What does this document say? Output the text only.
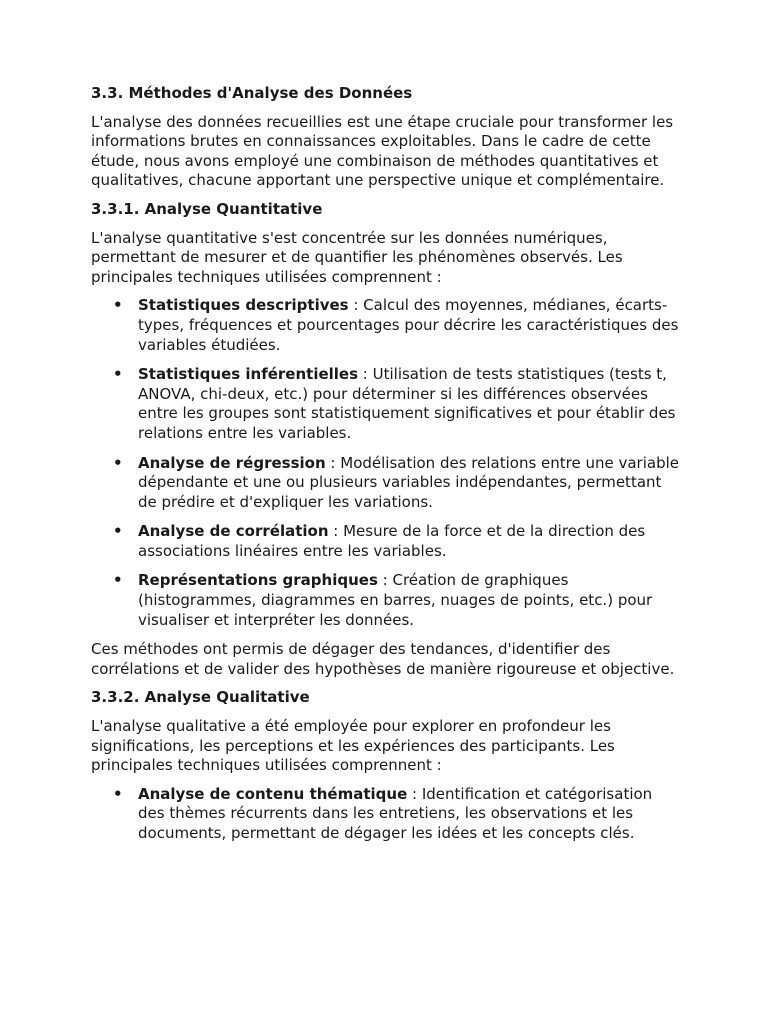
3.3. Méthodes d'Analyse des Données

L'analyse des données recueillies est une étape cruciale pour transformer les informations brutes en connaissances exploitables. Dans le cadre de cette étude, nous avons employé une combinaison de méthodes quantitatives et qualitatives, chacune apportant une perspective unique et complémentaire.

3.3.1. Analyse Quantitative

L'analyse quantitative s'est concentrée sur les données numériques, permettant de mesurer et de quantifier les phénomènes observés. Les principales techniques utilisées comprennent :

• Statistiques descriptives : Calcul des moyennes, médianes, écarts-types, fréquences et pourcentages pour décrire les caractéristiques des variables étudiées.
• Statistiques inférentielles : Utilisation de tests statistiques (tests t, ANOVA, chi-deux, etc.) pour déterminer si les différences observées entre les groupes sont statistiquement significatives et pour établir des relations entre les variables.
• Analyse de régression : Modélisation des relations entre une variable dépendante et une ou plusieurs variables indépendantes, permettant de prédire et d'expliquer les variations.
• Analyse de corrélation : Mesure de la force et de la direction des associations linéaires entre les variables.
• Représentations graphiques : Création de graphiques (histogrammes, diagrammes en barres, nuages de points, etc.) pour visualiser et interpréter les données.

Ces méthodes ont permis de dégager des tendances, d'identifier des corrélations et de valider des hypothèses de manière rigoureuse et objective.

3.3.2. Analyse Qualitative

L'analyse qualitative a été employée pour explorer en profondeur les significations, les perceptions et les expériences des participants. Les principales techniques utilisées comprennent :

• Analyse de contenu thématique : Identification et catégorisation des thèmes récurrents dans les entretiens, les observations et les documents, permettant de dégager les idées et les concepts clés.
